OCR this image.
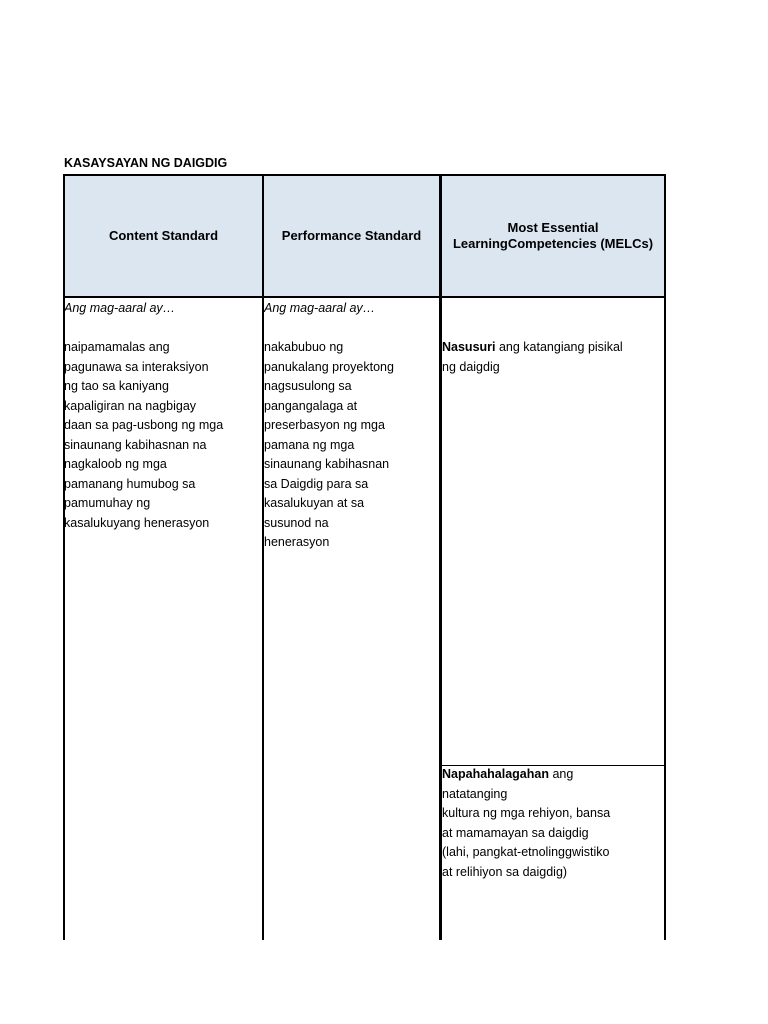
KASAYSAYAN NG DAIGDIG
Content Standard	Performance Standard
Most Essential
LearningCompetencies (MELCs)
Ang mag-aaral ay…
naipamamalas ang
pagunawa sa interaksiyon
ng tao sa kaniyang
kapaligiran na nagbigay
daan sa pag-usbong ng mga
sinaunang kabihasnan na
nagkaloob ng mga
pamanang humubog sa
pamumuhay ng
kasalukuyang henerasyon
Ang mag-aaral ay…
nakabubuo ng
panukalang proyektong
nagsusulong sa
pangangalaga at
preserbasyon ng mga
pamana ng mga
sinaunang kabihasnan
sa Daigdig para sa
kasalukuyan at sa
susunod na
henerasyon
Nasusuri ang katangiang pisikal
ng daigdig
Napahahalagahan ang
natatanging
kultura ng mga rehiyon, bansa
at mamamayan sa daigdig
(lahi, pangkat-etnolinggwistiko
at relihiyon sa daigdig)
